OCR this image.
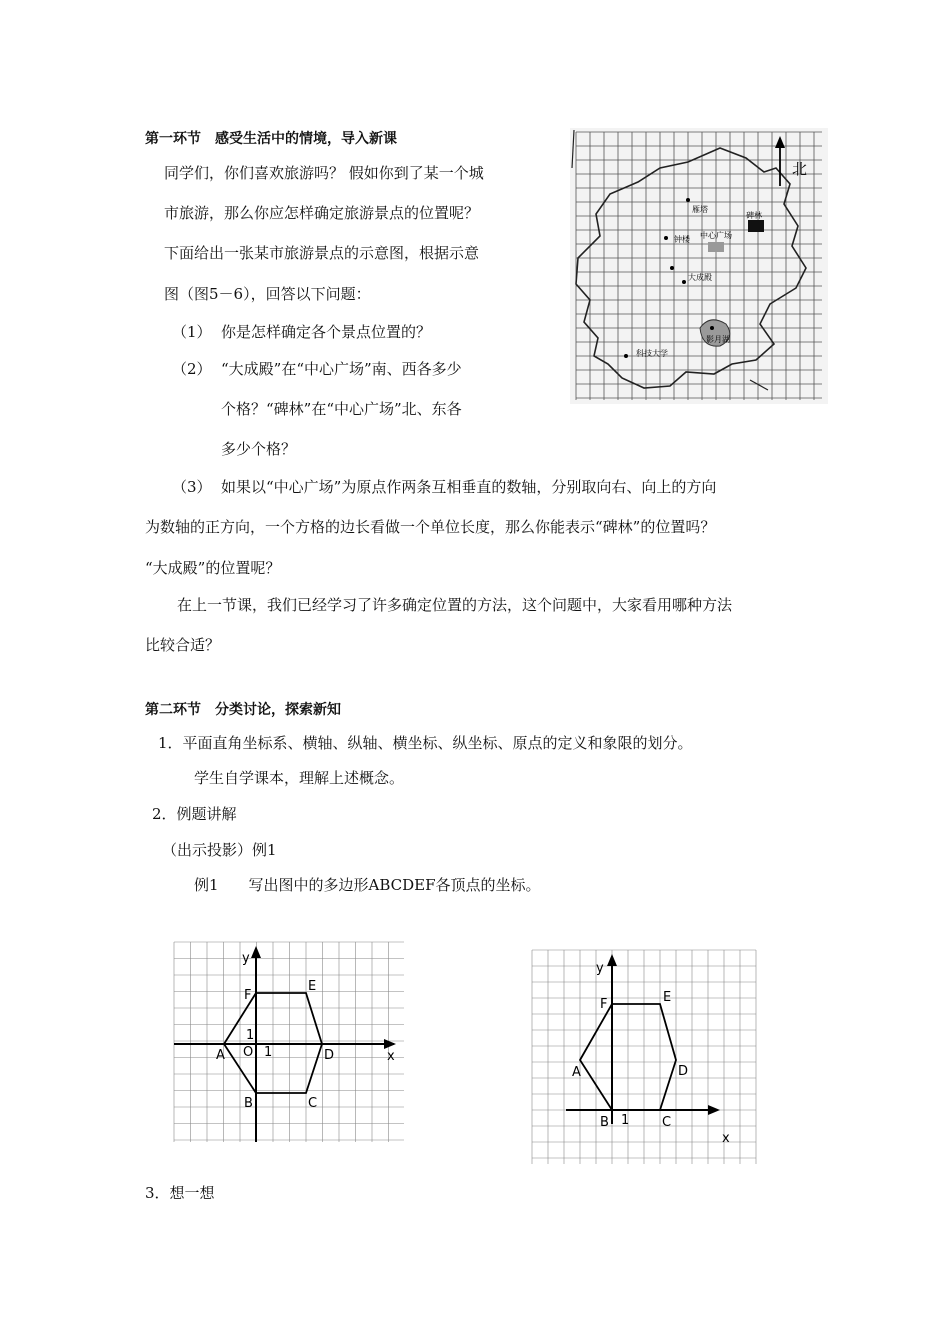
第一环节　感受生活中的情境，导入新课
同学们，你们喜欢旅游吗？ 假如你到了某一个城
市旅游，那么你应怎样确定旅游景点的位置呢？
下面给出一张某市旅游景点的示意图，根据示意
图（图5－6），回答以下问题：
（1） 你是怎样确定各个景点位置的？
（2） “大成殿”在“中心广场”南、西各多少
个格？“碑林”在“中心广场”北、东各
多少个格？
（3） 如果以“中心广场”为原点作两条互相垂直的数轴，分别取向右、向上的方向
为数轴的正方向，一个方格的边长看做一个单位长度，那么你能表示“碑林”的位置吗？
“大成殿”的位置呢？
在上一节课，我们已经学习了许多确定位置的方法，这个问题中，大家看用哪种方法
比较合适？
北
雁塔
碑林
钟楼 中心广场
大成殿
影月湖
科技大学
第二环节　分类讨论，探索新知
1．平面直角坐标系、横轴、纵轴、横坐标、纵坐标、原点的定义和象限的划分。
学生自学课本，理解上述概念。
2．例题讲解
（出示投影）例1
例1　　写出图中的多边形ABCDEF各顶点的坐标。
y
x
A
B	C
D
E
F
O 1
1
y
x
A
B	C
D
E
F
1
3．想一想
